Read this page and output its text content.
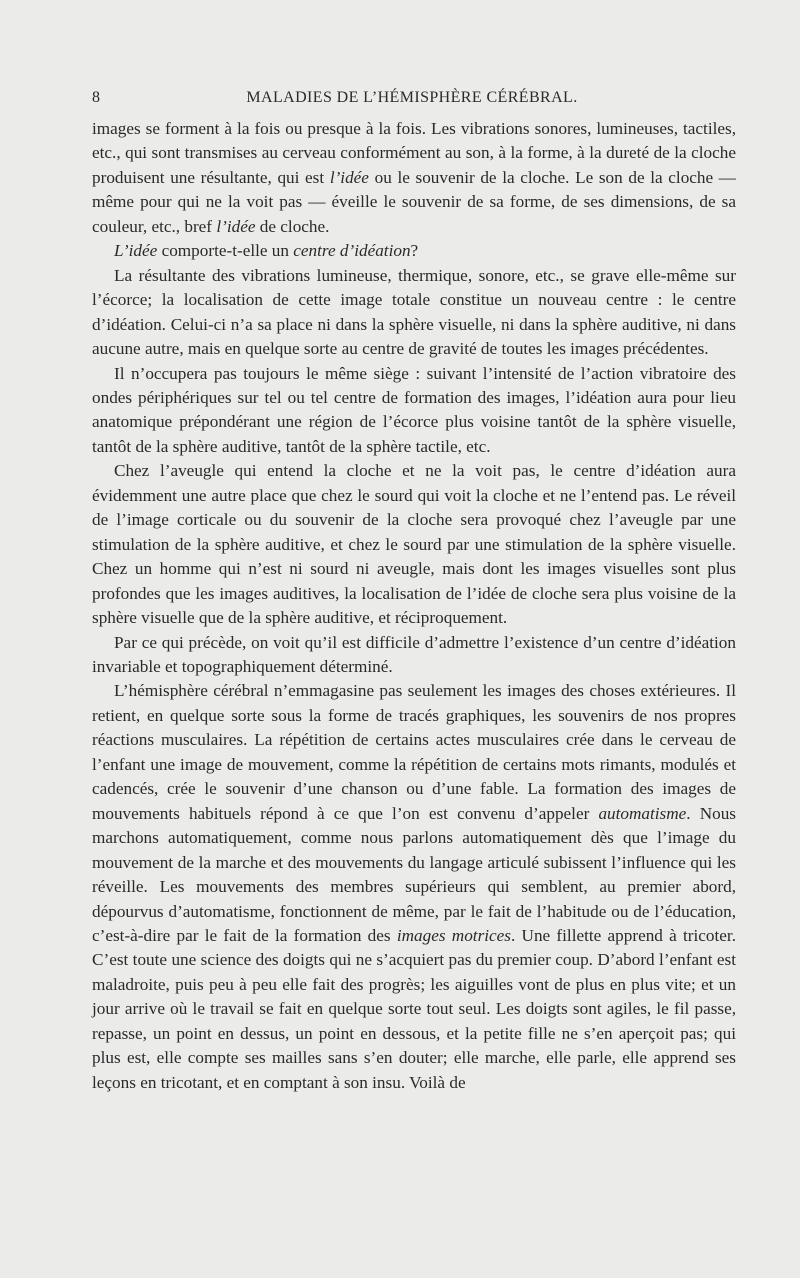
8	MALADIES DE L’HÉMISPHÈRE CÉRÉBRAL.

images se forment à la fois ou presque à la fois. Les vibrations sonores, lumineuses, tactiles, etc., qui sont transmises au cerveau conformément au son, à la forme, à la dureté de la cloche produisent une résultante, qui est l’idée ou le souvenir de la cloche. Le son de la cloche — même pour qui ne la voit pas — éveille le souvenir de sa forme, de ses dimensions, de sa couleur, etc., bref l’idée de cloche.

L’idée comporte-t-elle un centre d’idéation?

La résultante des vibrations lumineuse, thermique, sonore, etc., se grave elle-même sur l’écorce; la localisation de cette image totale constitue un nouveau centre : le centre d’idéation. Celui-ci n’a sa place ni dans la sphère visuelle, ni dans la sphère auditive, ni dans aucune autre, mais en quelque sorte au centre de gravité de toutes les images précédentes.

Il n’occupera pas toujours le même siège : suivant l’intensité de l’action vibratoire des ondes périphériques sur tel ou tel centre de formation des images, l’idéation aura pour lieu anatomique prépondérant une région de l’écorce plus voisine tantôt de la sphère visuelle, tantôt de la sphère auditive, tantôt de la sphère tactile, etc.

Chez l’aveugle qui entend la cloche et ne la voit pas, le centre d’idéation aura évidemment une autre place que chez le sourd qui voit la cloche et ne l’entend pas. Le réveil de l’image corticale ou du souvenir de la cloche sera provoqué chez l’aveugle par une stimulation de la sphère auditive, et chez le sourd par une stimulation de la sphère visuelle. Chez un homme qui n’est ni sourd ni aveugle, mais dont les images visuelles sont plus profondes que les images auditives, la localisation de l’idée de cloche sera plus voisine de la sphère visuelle que de la sphère auditive, et réciproquement.

Par ce qui précède, on voit qu’il est difficile d’admettre l’existence d’un centre d’idéation invariable et topographiquement déterminé.

L’hémisphère cérébral n’emmagasine pas seulement les images des choses extérieures. Il retient, en quelque sorte sous la forme de tracés graphiques, les souvenirs de nos propres réactions musculaires. La répétition de certains actes musculaires crée dans le cerveau de l’enfant une image de mouvement, comme la répétition de certains mots rimants, modulés et cadencés, crée le souvenir d’une chanson ou d’une fable. La formation des images de mouvements habituels répond à ce que l’on est convenu d’appeler automatisme. Nous marchons automatiquement, comme nous parlons automatiquement dès que l’image du mouvement de la marche et des mouvements du langage articulé subissent l’influence qui les réveille. Les mouvements des membres supérieurs qui semblent, au premier abord, dépourvus d’automatisme, fonctionnent de même, par le fait de l’habitude ou de l’éducation, c’est-à-dire par le fait de la formation des images motrices. Une fillette apprend à tricoter. C’est toute une science des doigts qui ne s’acquiert pas du premier coup. D’abord l’enfant est maladroite, puis peu à peu elle fait des progrès; les aiguilles vont de plus en plus vite; et un jour arrive où le travail se fait en quelque sorte tout seul. Les doigts sont agiles, le fil passe, repasse, un point en dessus, un point en dessous, et la petite fille ne s’en aperçoit pas; qui plus est, elle compte ses mailles sans s’en douter; elle marche, elle parle, elle apprend ses leçons en tricotant, et en comptant à son insu. Voilà de
